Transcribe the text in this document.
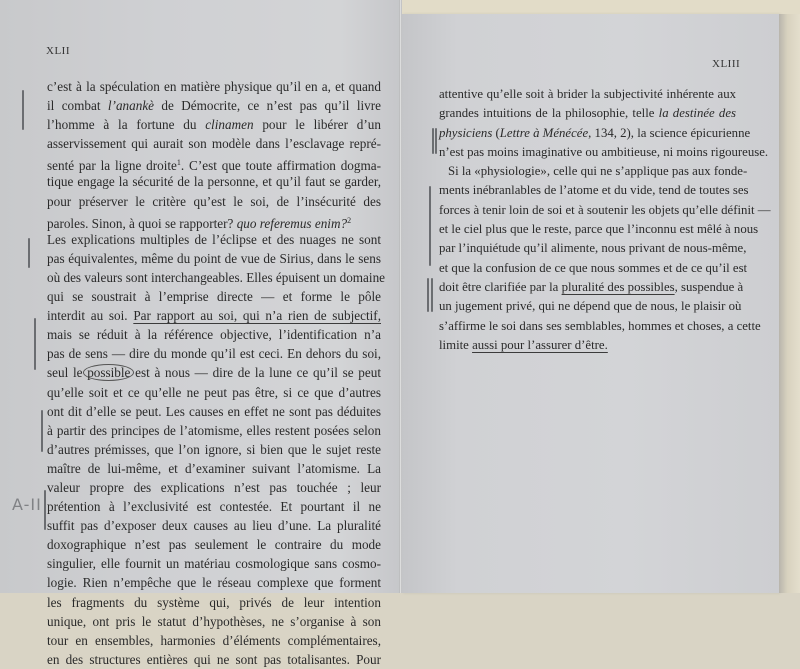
XLII
XLIII
c’est à la spéculation en matière physique qu’il en a, et quand
il combat l’anankè de Démocrite, ce n’est pas qu’il livre
l’homme à la fortune du clinamen pour le libérer d’un
asservissement qui aurait son modèle dans l’esclavage repré-
senté par la ligne droite$^1$. C’est que toute affirmation dogma-
tique engage la sécurité de la personne, et qu’il faut se garder,
pour préserver le critère qu’est le soi, de l’insécurité des
paroles. Sinon, à quoi se rapporter? quo referemus enim?$^2$
Les explications multiples de l’éclipse et des nuages ne sont
pas équivalentes, même du point de vue de Sirius, dans le sens
où des valeurs sont interchangeables. Elles épuisent un domaine
qui se soustrait à l’emprise directe — et forme le pôle
interdit au soi. Par rapport au soi, qui n’a rien de subjectif,
mais se réduit à la référence objective, l’identification n’a
pas de sens — dire du monde qu’il est ceci. En dehors du soi,
seul le possible est à nous — dire de la lune ce qu’il se peut
qu’elle soit et ce qu’elle ne peut pas être, si ce que d’autres
ont dit d’elle se peut. Les causes en effet ne sont pas déduites
à partir des principes de l’atomisme, elles restent posées selon
d’autres prémisses, que l’on ignore, si bien que le sujet reste
maître de lui-même, et d’examiner suivant l’atomisme. La
valeur propre des explications n’est pas touchée ; leur
prétention à l’exclusivité est contestée. Et pourtant il ne
suffit pas d’exposer deux causes au lieu d’une. La pluralité
doxographique n’est pas seulement le contraire du mode
singulier, elle fournit un matériau cosmologique sans cosmo-
logie. Rien n’empêche que le réseau complexe que forment
les fragments du système qui, privés de leur intention
unique, ont pris le statut d’hypothèses, ne s’organise à son
tour en ensembles, harmonies d’éléments complémentaires,
en des structures entières qui ne sont pas totalisantes. Pour
attentive qu’elle soit à brider la subjectivité inhérente aux
grandes intuitions de la philosophie, telle la destinée des
physiciens (Lettre à Ménécée, 134, 2), la science épicurienne
n’est pas moins imaginative ou ambitieuse, ni moins rigoureuse.
Si la «physiologie», celle qui ne s’applique pas aux fonde-
ments inébranlables de l’atome et du vide, tend de toutes ses
forces à tenir loin de soi et à soutenir les objets qu’elle définit —
et le ciel plus que le reste, parce que l’inconnu est mêlé à nous
par l’inquiétude qu’il alimente, nous privant de nous-même,
et que la confusion de ce que nous sommes et de ce qu’il est
doit être clarifiée par la pluralité des possibles, suspendue à
un jugement privé, qui ne dépend que de nous, le plaisir où
s’affirme le soi dans ses semblables, hommes et choses, a cette
limite aussi pour l’assurer d’être.
A-II
